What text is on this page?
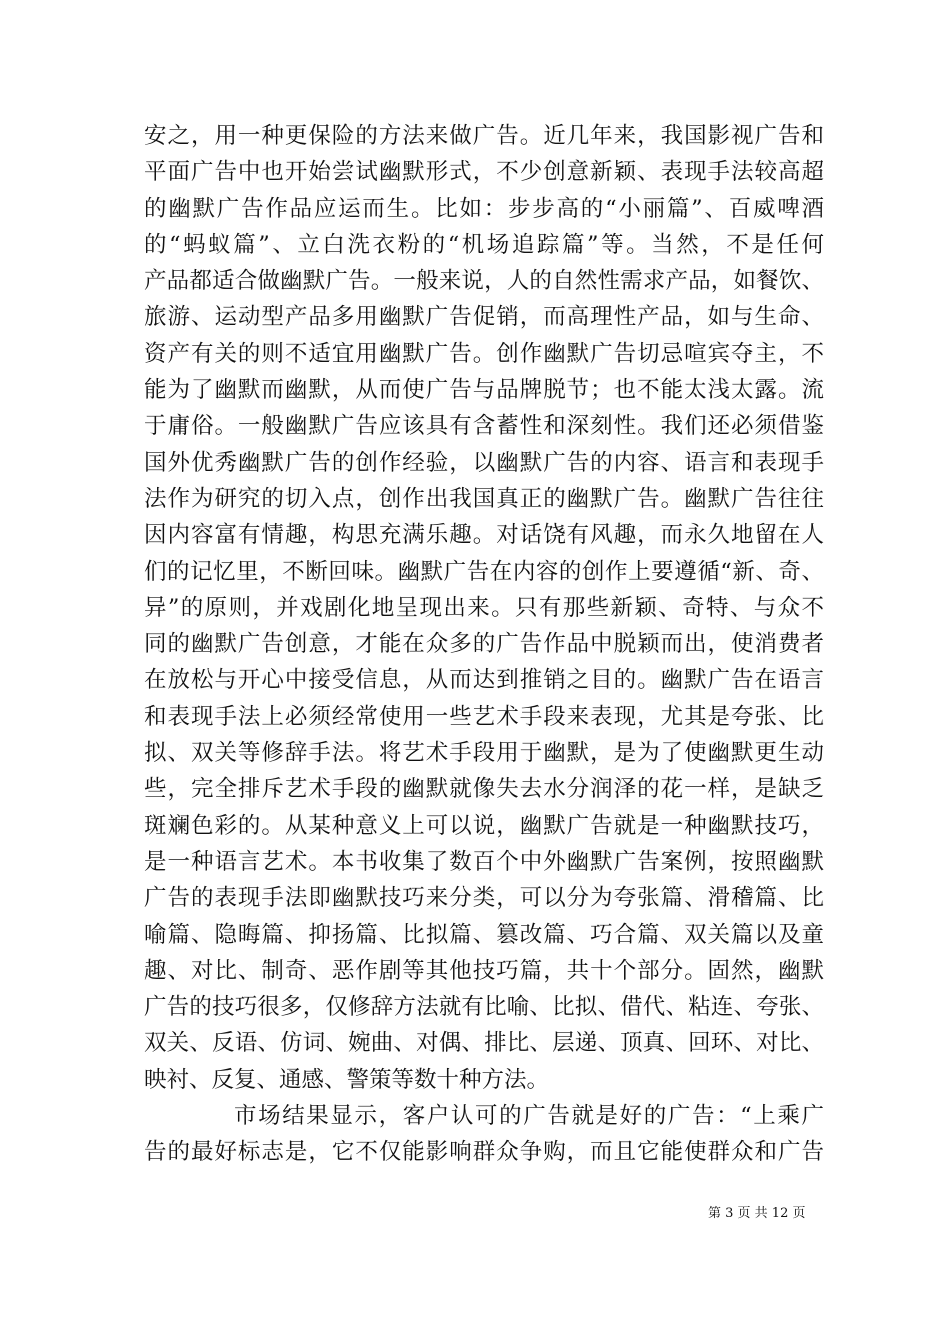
安之，用一种更保险的方法来做广告。近几年来，我国影视广告和
平面广告中也开始尝试幽默形式，不少创意新颖、表现手法较高超
的幽默广告作品应运而生。比如：步步高的“小丽篇”、百威啤酒
的“蚂蚁篇”、立白洗衣粉的“机场追踪篇”等。当然，不是任何
产品都适合做幽默广告。一般来说，人的自然性需求产品，如餐饮、
旅游、运动型产品多用幽默广告促销，而高理性产品，如与生命、
资产有关的则不适宜用幽默广告。创作幽默广告切忌喧宾夺主，不
能为了幽默而幽默，从而使广告与品牌脱节；也不能太浅太露。流
于庸俗。一般幽默广告应该具有含蓄性和深刻性。我们还必须借鉴
国外优秀幽默广告的创作经验，以幽默广告的内容、语言和表现手
法作为研究的切入点，创作出我国真正的幽默广告。幽默广告往往
因内容富有情趣，构思充满乐趣。对话饶有风趣，而永久地留在人
们的记忆里，不断回味。幽默广告在内容的创作上要遵循“新、奇、
异”的原则，并戏剧化地呈现出来。只有那些新颖、奇特、与众不
同的幽默广告创意，才能在众多的广告作品中脱颖而出，使消费者
在放松与开心中接受信息，从而达到推销之目的。幽默广告在语言
和表现手法上必须经常使用一些艺术手段来表现，尤其是夸张、比
拟、双关等修辞手法。将艺术手段用于幽默，是为了使幽默更生动
些，完全排斥艺术手段的幽默就像失去水分润泽的花一样，是缺乏
斑斓色彩的。从某种意义上可以说，幽默广告就是一种幽默技巧，
是一种语言艺术。本书收集了数百个中外幽默广告案例，按照幽默
广告的表现手法即幽默技巧来分类，可以分为夸张篇、滑稽篇、比
喻篇、隐晦篇、抑扬篇、比拟篇、篡改篇、巧合篇、双关篇以及童
趣、对比、制奇、恶作剧等其他技巧篇，共十个部分。固然，幽默
广告的技巧很多，仅修辞方法就有比喻、比拟、借代、粘连、夸张、
双关、反语、仿词、婉曲、对偶、排比、层递、顶真、回环、对比、
映衬、反复、通感、警策等数十种方法。
市场结果显示，客户认可的广告就是好的广告：“上乘广
告的最好标志是，它不仅能影响群众争购，而且它能使群众和广告
第 3 页 共 12 页
